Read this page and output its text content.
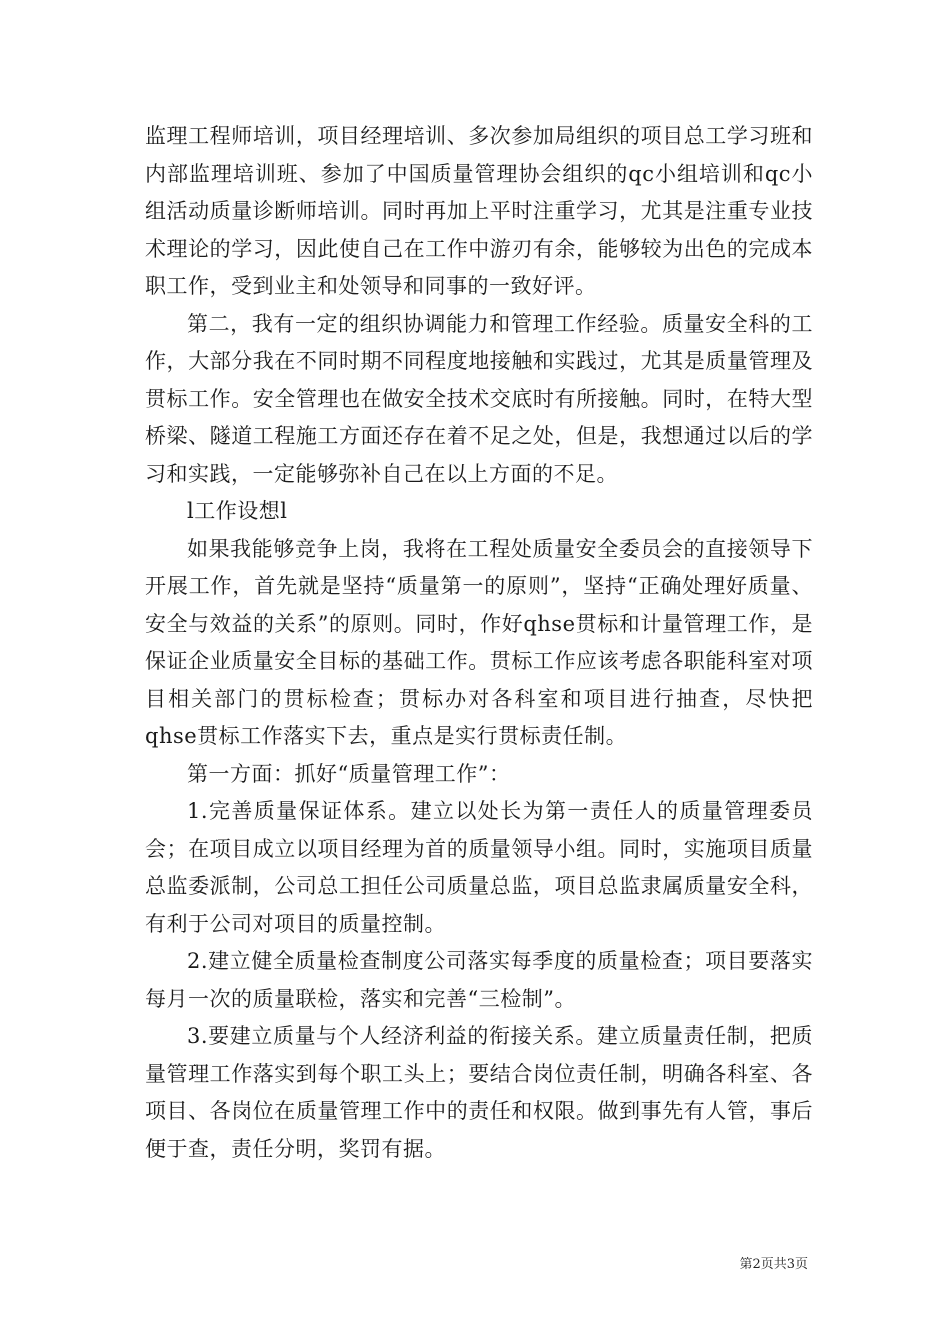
监理工程师培训，项目经理培训、多次参加局组织的项目总工学习班和内部监理培训班、参加了中国质量管理协会组织的qc小组培训和qc小组活动质量诊断师培训。同时再加上平时注重学习，尤其是注重专业技术理论的学习，因此使自己在工作中游刃有余，能够较为出色的完成本职工作，受到业主和处领导和同事的一致好评。

第二，我有一定的组织协调能力和管理工作经验。质量安全科的工作，大部分我在不同时期不同程度地接触和实践过，尤其是质量管理及贯标工作。安全管理也在做安全技术交底时有所接触。同时，在特大型桥梁、隧道工程施工方面还存在着不足之处，但是，我想通过以后的学习和实践，一定能够弥补自己在以上方面的不足。

l工作设想l

如果我能够竞争上岗，我将在工程处质量安全委员会的直接领导下开展工作，首先就是坚持“质量第一的原则”，坚持“正确处理好质量、安全与效益的关系”的原则。同时，作好qhse贯标和计量管理工作，是保证企业质量安全目标的基础工作。贯标工作应该考虑各职能科室对项目相关部门的贯标检查；贯标办对各科室和项目进行抽查，尽快把qhse贯标工作落实下去，重点是实行贯标责任制。

第一方面：抓好“质量管理工作”：

1.完善质量保证体系。建立以处长为第一责任人的质量管理委员会；在项目成立以项目经理为首的质量领导小组。同时，实施项目质量总监委派制，公司总工担任公司质量总监，项目总监隶属质量安全科，有利于公司对项目的质量控制。

2.建立健全质量检查制度公司落实每季度的质量检查；项目要落实每月一次的质量联检，落实和完善“三检制”。

3.要建立质量与个人经济利益的衔接关系。建立质量责任制，把质量管理工作落实到每个职工头上；要结合岗位责任制，明确各科室、各项目、各岗位在质量管理工作中的责任和权限。做到事先有人管，事后便于查，责任分明，奖罚有据。

第2页共3页
